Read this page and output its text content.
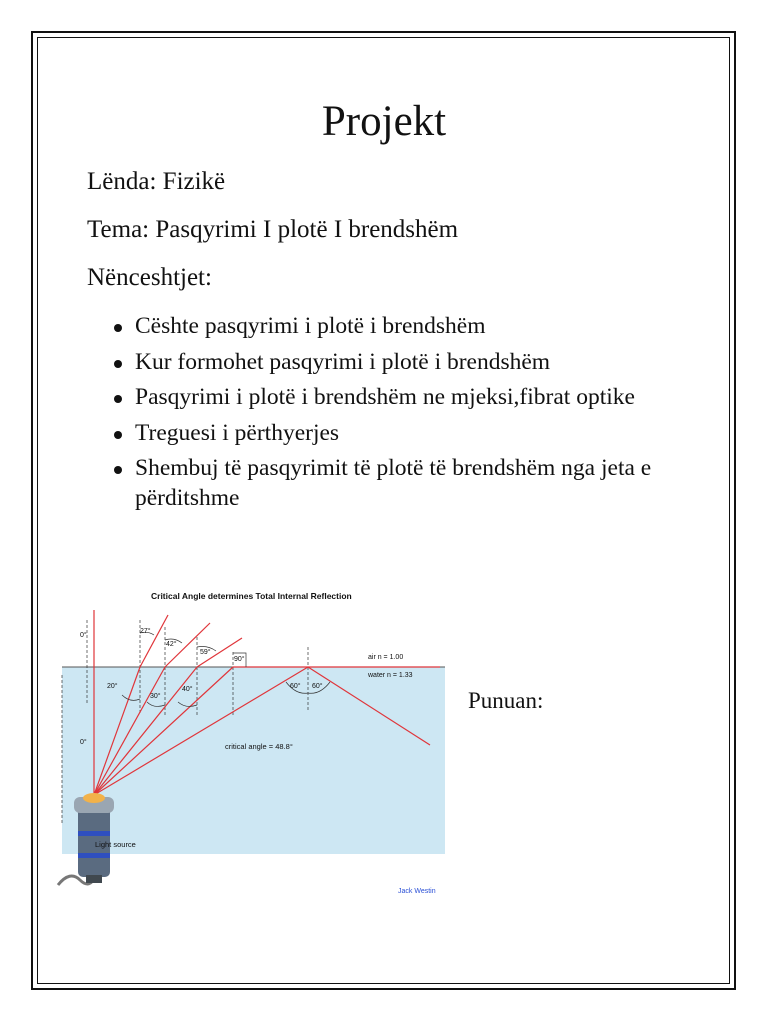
Projekt
Lënda: Fizikë
Tema: Pasqyrimi I plotë I brendshëm
Nënceshtjet:
Cështe pasqyrimi i plotë i brendshëm
Kur formohet pasqyrimi i plotë i brendshëm
Pasqyrimi i plotë i brendshëm ne mjeksi,fibrat optike
Treguesi i përthyerjes
Shembuj të pasqyrimit të plotë të brendshëm nga jeta e përditshme
Critical Angle determines Total Internal Reflection
air n = 1.00
water n = 1.33
critical angle = 48.8°
Light source
Jack Westin
0°
27°
42°
59°
90°
20°
30°
40°
0°
60° 60°
Punuan:
